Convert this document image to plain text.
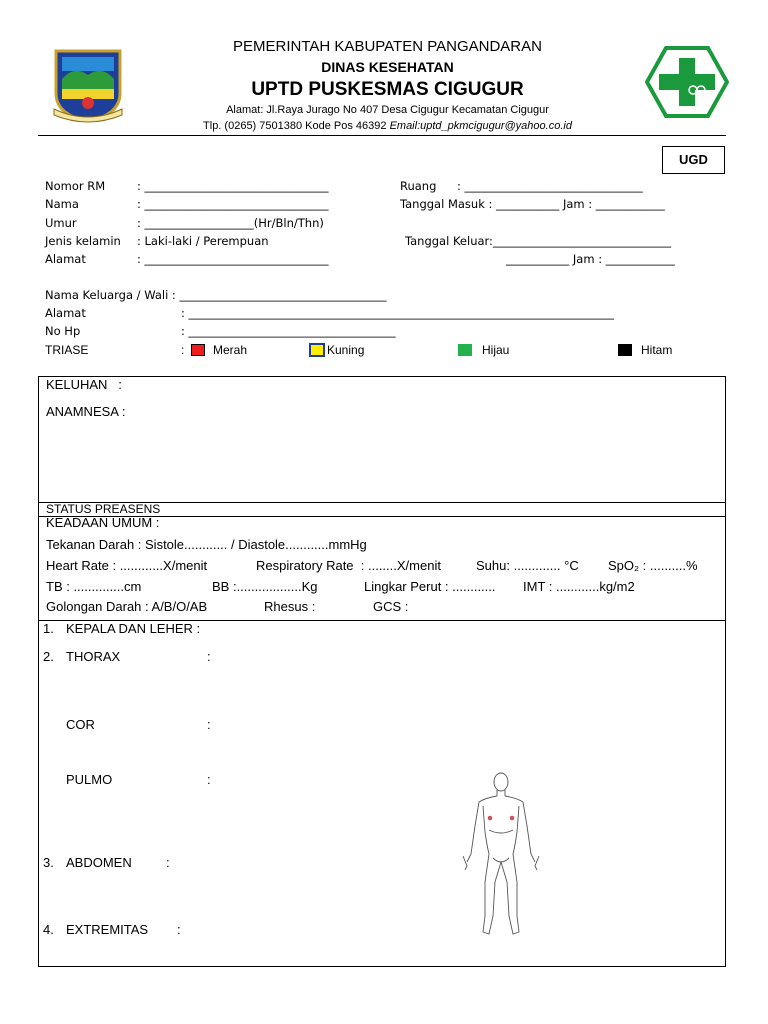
PEMERINTAH KABUPATEN PANGANDARAN
DINAS KESEHATAN
UPTD PUSKESMAS CIGUGUR
Alamat: Jl.Raya Jurago No 407 Desa Cigugur Kecamatan Cigugur
Tlp. (0265) 7501380 Kode Pos 46392 Email:uptd_pkmcigugur@yahoo.co.id
UGD
Nomor RM	: ________________________________
Nama	: ________________________________
Umur	: ___________________(Hr/Bln/Thn)
Jenis kelamin : Laki-laki / Perempuan
Alamat	: ________________________________
Ruang : _______________________________
Tanggal Masuk : ___________ Jam : ____________
Tanggal Keluar:_______________________________
___________ Jam : ____________
Nama Keluarga / Wali : ____________________________________
Alamat	: __________________________________________________________________________
No Hp	: ____________________________________
TRIASE	: Merah	Kuning	Hijau	Hitam
KELUHAN   :
ANAMNESA :
STATUS PREASENS
KEADAAN UMUM :
Tekanan Darah : Sistole............ / Diastole............mmHg
Heart Rate : ............X/menit	Respiratory Rate  : ........X/menit	Suhu: ............. °C SpO₂ : ..........%
TB : ..............cm	BB :..................Kg	Lingkar Perut : ............ IMT : ............kg/m2
Golongan Darah : A/B/O/AB	Rhesus :	GCS :
1. KEPALA DAN LEHER :
2. THORAX	:
COR	:
PULMO	:
3. ABDOMEN	:
4. EXTREMITAS :
